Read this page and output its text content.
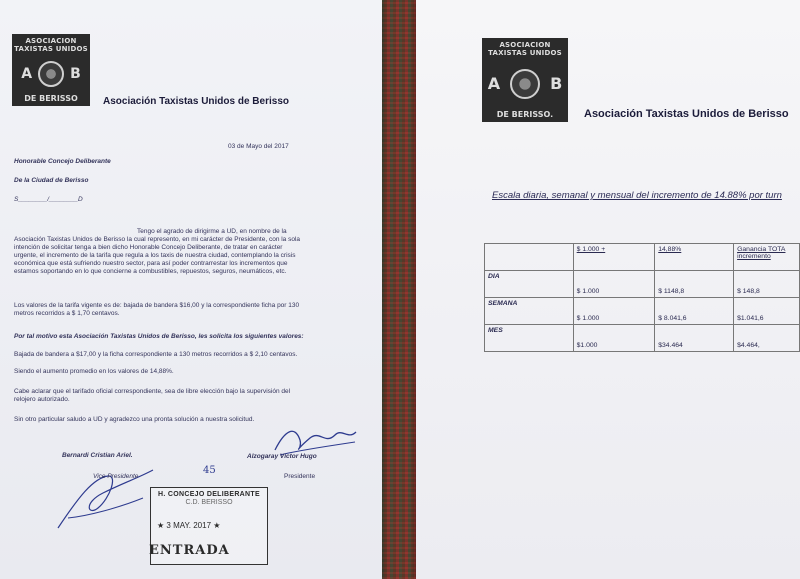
ASOCIACION TAXISTAS UNIDOS
A	B
DE BERISSO	Asociación Taxistas Unidos de Berisso
03 de Mayo del 2017
Honorable Concejo Deliberante
De la Ciudad de Berisso
S________/________D
Tengo el agrado de dirigirme a UD, en nombre de la
Asociación Taxistas Unidos de Berisso la cual represento, en mi carácter de Presidente, con la sola
intención de solicitar tenga a bien dicho Honorable Concejo Deliberante, de tratar en carácter
urgente, el incremento de la tarifa que regula a los taxis de nuestra ciudad, contemplando la crisis
económica que está sufriendo nuestro sector, para así poder contrarrestar los incrementos que
estamos soportando en lo que concierne a combustibles, repuestos, seguros, neumáticos, etc.
Los valores de la tarifa vigente es de: bajada de bandera $16,00 y la correspondiente ficha por 130
metros recorridos a $ 1,70 centavos.
Por tal motivo esta Asociación Taxistas Unidos de Berisso, les solicita los siguientes valores:
Bajada de bandera a $17,00 y la ficha correspondiente a 130 metros recorridos a $ 2,10 centavos.
Siendo el aumento promedio en los valores de 14,88%.
Cabe aclarar que el tarifado oficial correspondiente, sea de libre elección bajo la supervisión del
relojero autorizado.
Sin otro particular saludo a UD y agradezco una pronta solución a nuestra solicitud.
Bernardi Cristian Ariel.
Vice Presidente
Alzogaray Víctor Hugo
Presidente
45
H. CONCEJO DELIBERANTE
C.D. BERISSO
★ 3 MAY. 2017 ★
ENTRADA
ASOCIACION TAXISTAS UNIDOS
A	B
DE BERISSO.	Asociación Taxistas Unidos de Berisso
Escala diaria, semanal y mensual del incremento de 14.88% por turn
	$ 1.000 +	14,88%	Ganancia TOTA incremento
DIA	$ 1.000	$ 1148,8	$ 148,8
SEMANA	$ 1.000	$ 8.041,6	$1.041,6
MES	$1.000	$34.464	$4.464,
